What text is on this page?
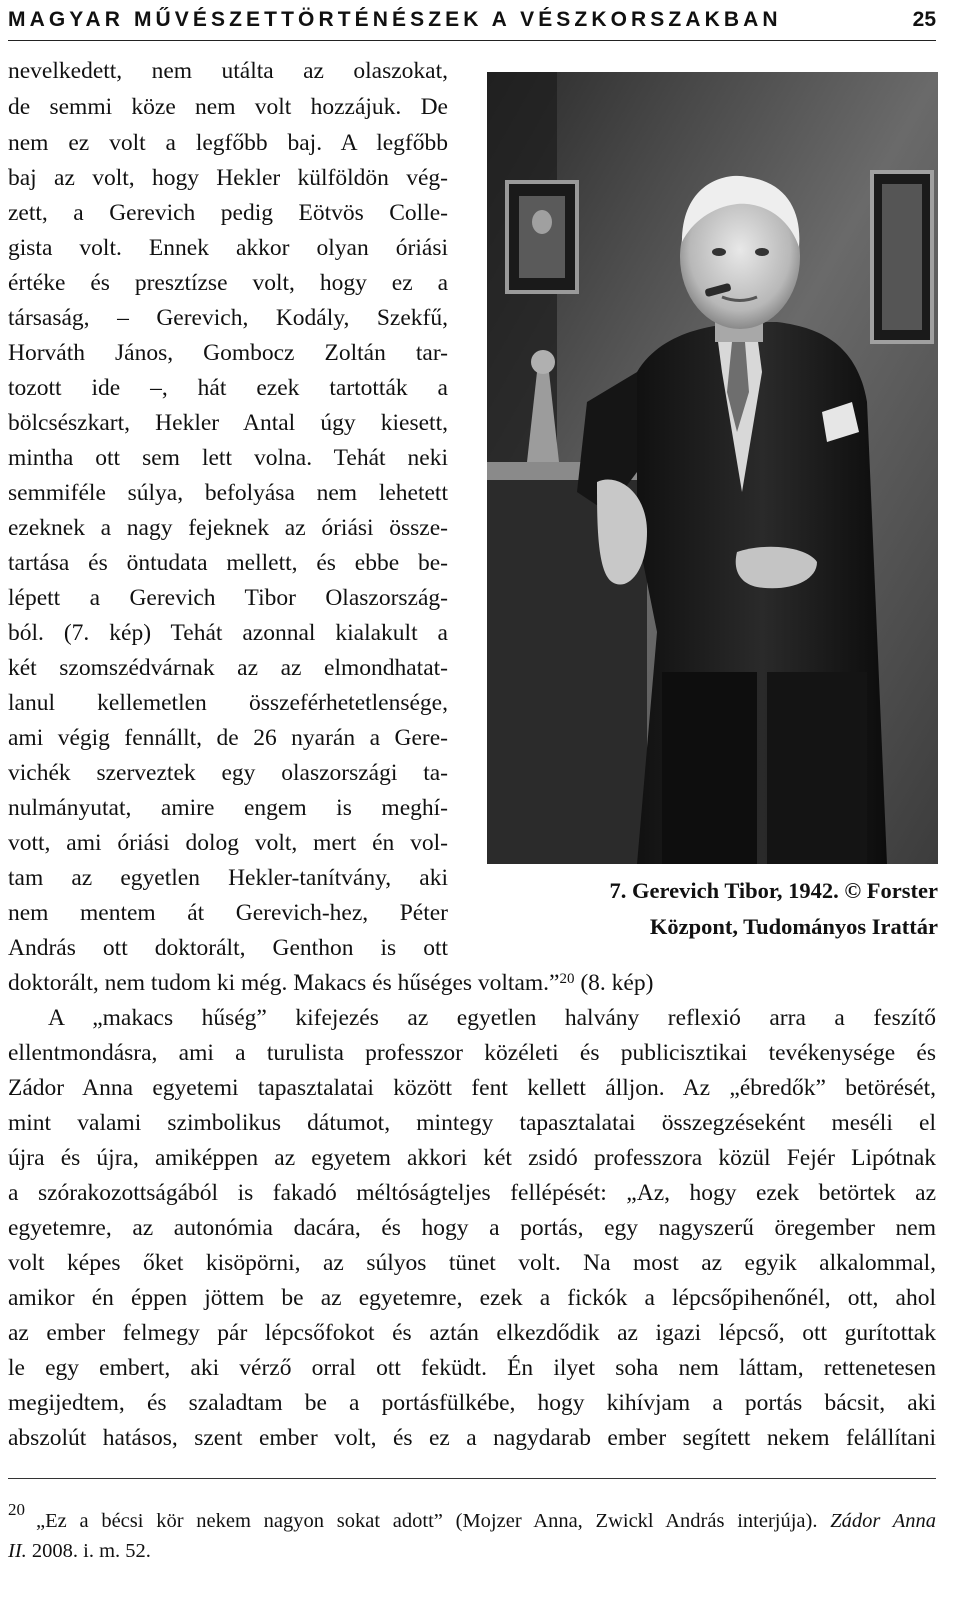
MAGYAR MŰVÉSZETTÖRTÉNÉSZEK A VÉSZKORSZAKBAN	25
nevelkedett, nem utálta az olaszokat,
de semmi köze nem volt hozzájuk. De
nem ez volt a legfőbb baj. A legfőbb
baj az volt, hogy Hekler külföldön vég-
zett, a Gerevich pedig Eötvös Colle-
gista volt. Ennek akkor olyan óriási
értéke és presztízse volt, hogy ez a
társaság, – Gerevich, Kodály, Szekfű,
Horváth János, Gombocz Zoltán tar-
tozott ide –, hát ezek tartották a
bölcsészkart, Hekler Antal úgy kiesett,
mintha ott sem lett volna. Tehát neki
semmiféle súlya, befolyása nem lehetett
ezeknek a nagy fejeknek az óriási össze-
tartása és öntudata mellett, és ebbe be-
lépett a Gerevich Tibor Olaszország-
ból. (7. kép) Tehát azonnal kialakult a
két szomszédvárnak az az elmondhatat-
lanul kellemetlen összeférhetetlensége,
ami végig fennállt, de 26 nyarán a Gere-
vichék szerveztek egy olaszországi ta-
nulmányutat, amire engem is meghí-
vott, ami óriási dolog volt, mert én vol-
tam az egyetlen Hekler-tanítvány, aki
nem mentem át Gerevich-hez, Péter
András ott doktorált, Genthon is ott
doktorált, nem tudom ki még. Makacs és hűséges voltam.”$^{20}$ (8. kép)
A „makacs hűség” kifejezés az egyetlen halvány reflexió arra a feszítő
ellentmondásra, ami a turulista professzor közéleti és publicisztikai tevékenysége és
Zádor Anna egyetemi tapasztalatai között fent kellett álljon. Az „ébredők” betörését,
mint valami szimbolikus dátumot, mintegy tapasztalatai összegzéseként meséli el
újra és újra, amiképpen az egyetem akkori két zsidó professzora közül Fejér Lipótnak
a szórakozottságából is fakadó méltóságteljes fellépését: „Az, hogy ezek betörtek az
egyetemre, az autonómia dacára, és hogy a portás, egy nagyszerű öregember nem
volt képes őket kisöpörni, az súlyos tünet volt. Na most az egyik alkalommal,
amikor én éppen jöttem be az egyetemre, ezek a fickók a lépcsőpihenőnél, ott, ahol
az ember felmegy pár lépcsőfokot és aztán elkezdődik az igazi lépcső, ott gurítottak
le egy embert, aki vérző orral ott feküdt. Én ilyet soha nem láttam, rettenetesen
megijedtem, és szaladtam be a portásfülkébe, hogy kihívjam a portás bácsit, aki
abszolút hatásos, szent ember volt, és ez a nagydarab ember segített nekem felállítani
7. Gerevich Tibor, 1942. © Forster
Központ, Tudományos Irattár
20
„Ez a bécsi kör nekem nagyon sokat adott” (Mojzer Anna, Zwickl András interjúja). Zádor Anna
II. 2008. i. m. 52.
